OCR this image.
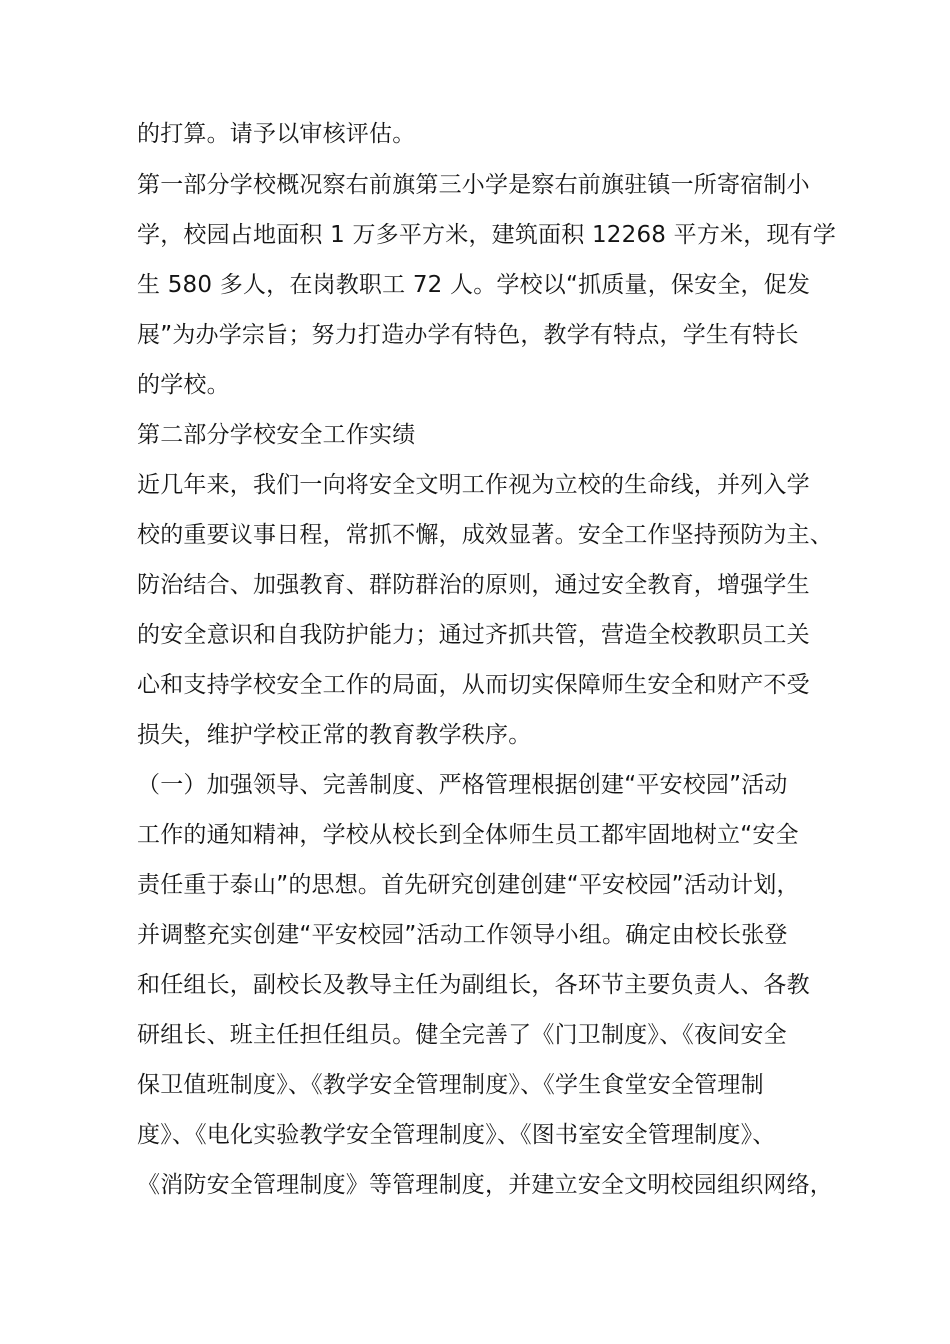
的打算。请予以审核评估。
第一部分学校概况察右前旗第三小学是察右前旗驻镇一所寄宿制小
学，校园占地面积 1 万多平方米，建筑面积 12268 平方米，现有学
生 580 多人，在岗教职工 72 人。学校以“抓质量，保安全，促发
展”为办学宗旨；努力打造办学有特色，教学有特点，学生有特长
的学校。
第二部分学校安全工作实绩
近几年来，我们一向将安全文明工作视为立校的生命线，并列入学
校的重要议事日程，常抓不懈，成效显著。安全工作坚持预防为主、
防治结合、加强教育、群防群治的原则，通过安全教育，增强学生
的安全意识和自我防护能力；通过齐抓共管，营造全校教职员工关
心和支持学校安全工作的局面，从而切实保障师生安全和财产不受
损失，维护学校正常的教育教学秩序。
（一）加强领导、完善制度、严格管理根据创建“平安校园”活动
工作的通知精神，学校从校长到全体师生员工都牢固地树立“安全
责任重于泰山”的思想。首先研究创建创建“平安校园”活动计划，
并调整充实创建“平安校园”活动工作领导小组。确定由校长张登
和任组长，副校长及教导主任为副组长，各环节主要负责人、各教
研组长、班主任担任组员。健全完善了《门卫制度》、《夜间安全
保卫值班制度》、《教学安全管理制度》、《学生食堂安全管理制
度》、《电化实验教学安全管理制度》、《图书室安全管理制度》、
《消防安全管理制度》等管理制度，并建立安全文明校园组织网络，
